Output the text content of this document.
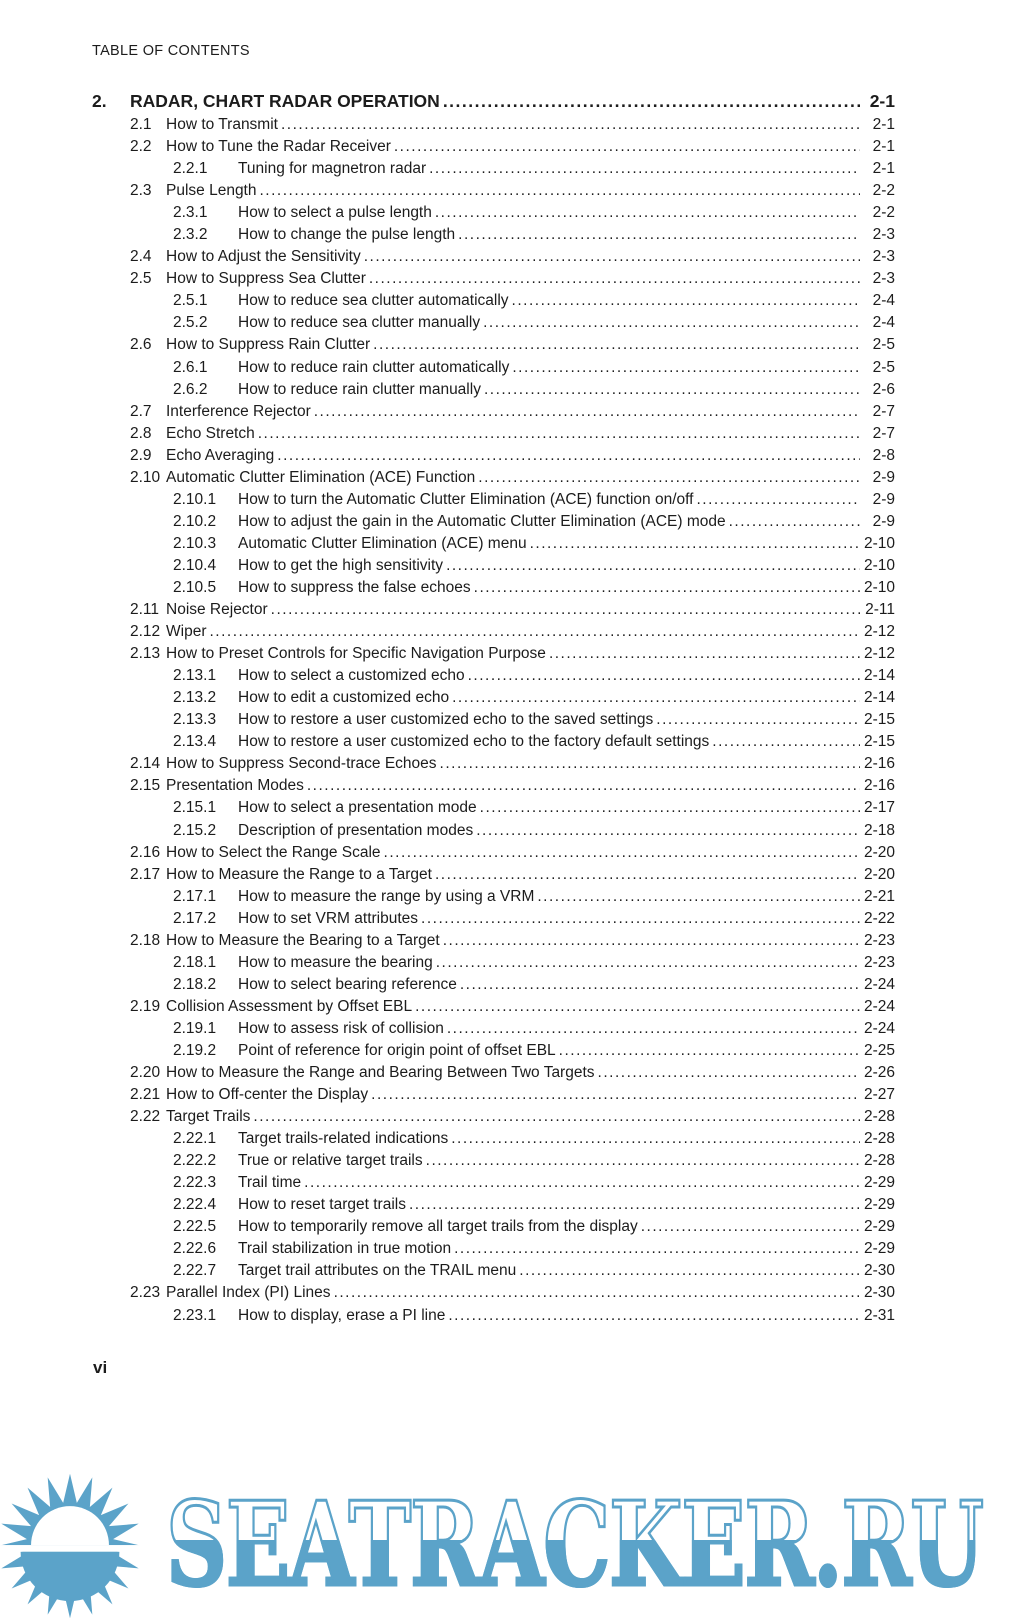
TABLE OF CONTENTS
2.	RADAR, CHART RADAR OPERATION .....	2-1
2.1 How to Transmit .....	2-1
2.2 How to Tune the Radar Receiver .....	2-1
2.2.1	Tuning for magnetron radar .....	2-1
2.3 Pulse Length .....	2-2
2.3.1	How to select a pulse length .....	2-2
2.3.2	How to change the pulse length .....	2-3
2.4 How to Adjust the Sensitivity .....	2-3
2.5 How to Suppress Sea Clutter .....	2-3
2.5.1	How to reduce sea clutter automatically .....	2-4
2.5.2	How to reduce sea clutter manually .....	2-4
2.6 How to Suppress Rain Clutter .....	2-5
2.6.1	How to reduce rain clutter automatically .....	2-5
2.6.2	How to reduce rain clutter manually .....	2-6
2.7 Interference Rejector .....	2-7
2.8 Echo Stretch .....	2-7
2.9 Echo Averaging .....	2-8
2.10 Automatic Clutter Elimination (ACE) Function .....	2-9
2.10.1	How to turn the Automatic Clutter Elimination (ACE) function on/off .....	2-9
2.10.2	How to adjust the gain in the Automatic Clutter Elimination (ACE) mode .....	2-9
2.10.3	Automatic Clutter Elimination (ACE) menu .....	2-10
2.10.4	How to get the high sensitivity .....	2-10
2.10.5	How to suppress the false echoes .....	2-10
2.11 Noise Rejector .....	2-11
2.12 Wiper .....	2-12
2.13 How to Preset Controls for Specific Navigation Purpose .....	2-12
2.13.1	How to select a customized echo .....	2-14
2.13.2	How to edit a customized echo .....	2-14
2.13.3	How to restore a user customized echo to the saved settings .....	2-15
2.13.4	How to restore a user customized echo to the factory default settings .....	2-15
2.14 How to Suppress Second-trace Echoes .....	2-16
2.15 Presentation Modes .....	2-16
2.15.1	How to select a presentation mode .....	2-17
2.15.2	Description of presentation modes .....	2-18
2.16 How to Select the Range Scale .....	2-20
2.17 How to Measure the Range to a Target .....	2-20
2.17.1	How to measure the range by using a VRM .....	2-21
2.17.2	How to set VRM attributes .....	2-22
2.18 How to Measure the Bearing to a Target .....	2-23
2.18.1	How to measure the bearing .....	2-23
2.18.2	How to select bearing reference .....	2-24
2.19 Collision Assessment by Offset EBL .....	2-24
2.19.1	How to assess risk of collision .....	2-24
2.19.2	Point of reference for origin point of offset EBL .....	2-25
2.20 How to Measure the Range and Bearing Between Two Targets .....	2-26
2.21 How to Off-center the Display .....	2-27
2.22 Target Trails .....	2-28
2.22.1	Target trails-related indications .....	2-28
2.22.2	True or relative target trails .....	2-28
2.22.3	Trail time .....	2-29
2.22.4	How to reset target trails .....	2-29
2.22.5	How to temporarily remove all target trails from the display .....	2-29
2.22.6	Trail stabilization in true motion .....	2-29
2.22.7	Target trail attributes on the TRAIL menu .....	2-30
2.23 Parallel Index (PI) Lines .....	2-30
2.23.1	How to display, erase a PI line .....	2-31
vi
SEATRACKER.RU
